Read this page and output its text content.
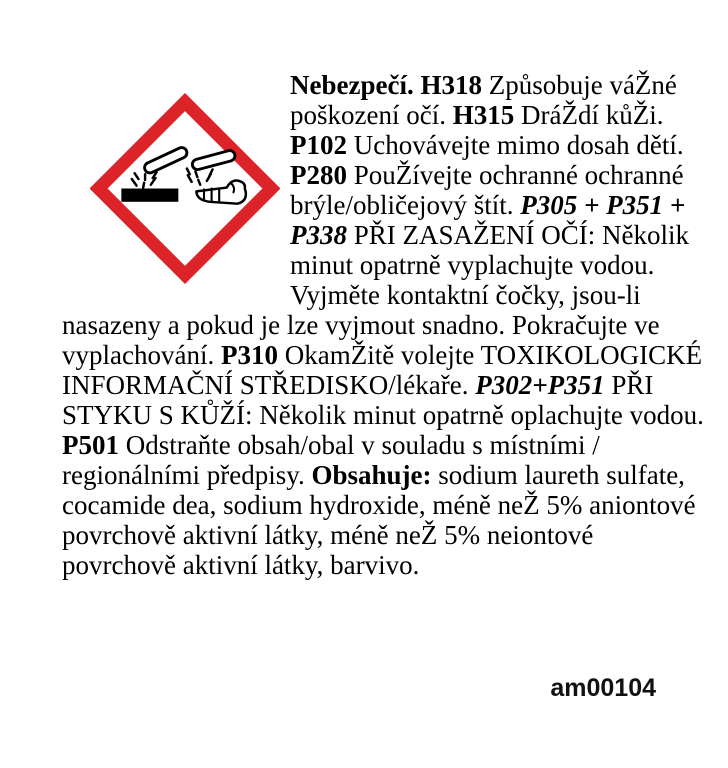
Nebezpečí. H318 Způsobuje váŽné poškození očí. H315 DráŽdí kůŽi. P102 Uchovávejte mimo dosah dětí. P280 PouŽívejte ochranné ochranné brýle/obličejový štít. P305 + P351 + P338 PŘI ZASAŽENÍ OČÍ: Několik minut opatrně vyplachujte vodou. Vyjměte kontaktní čočky, jsou-li nasazeny a pokud je lze vyjmout snadno. Pokračujte ve vyplachování. P310 OkamŽitě volejte TOXIKOLOGICKÉ INFORMAČNÍ STŘEDISKO/lékaře. P302+P351 PŘI STYKU S KŮŽÍ: Několik minut opatrně oplachujte vodou. P501 Odstraňte obsah/obal v souladu s místními / regionálními předpisy. Obsahuje: sodium laureth sulfate, cocamide dea, sodium hydroxide, méně neŽ 5% aniontové povrchově aktivní látky, méně neŽ 5% neiontové povrchově aktivní látky, barvivo.

am00104
